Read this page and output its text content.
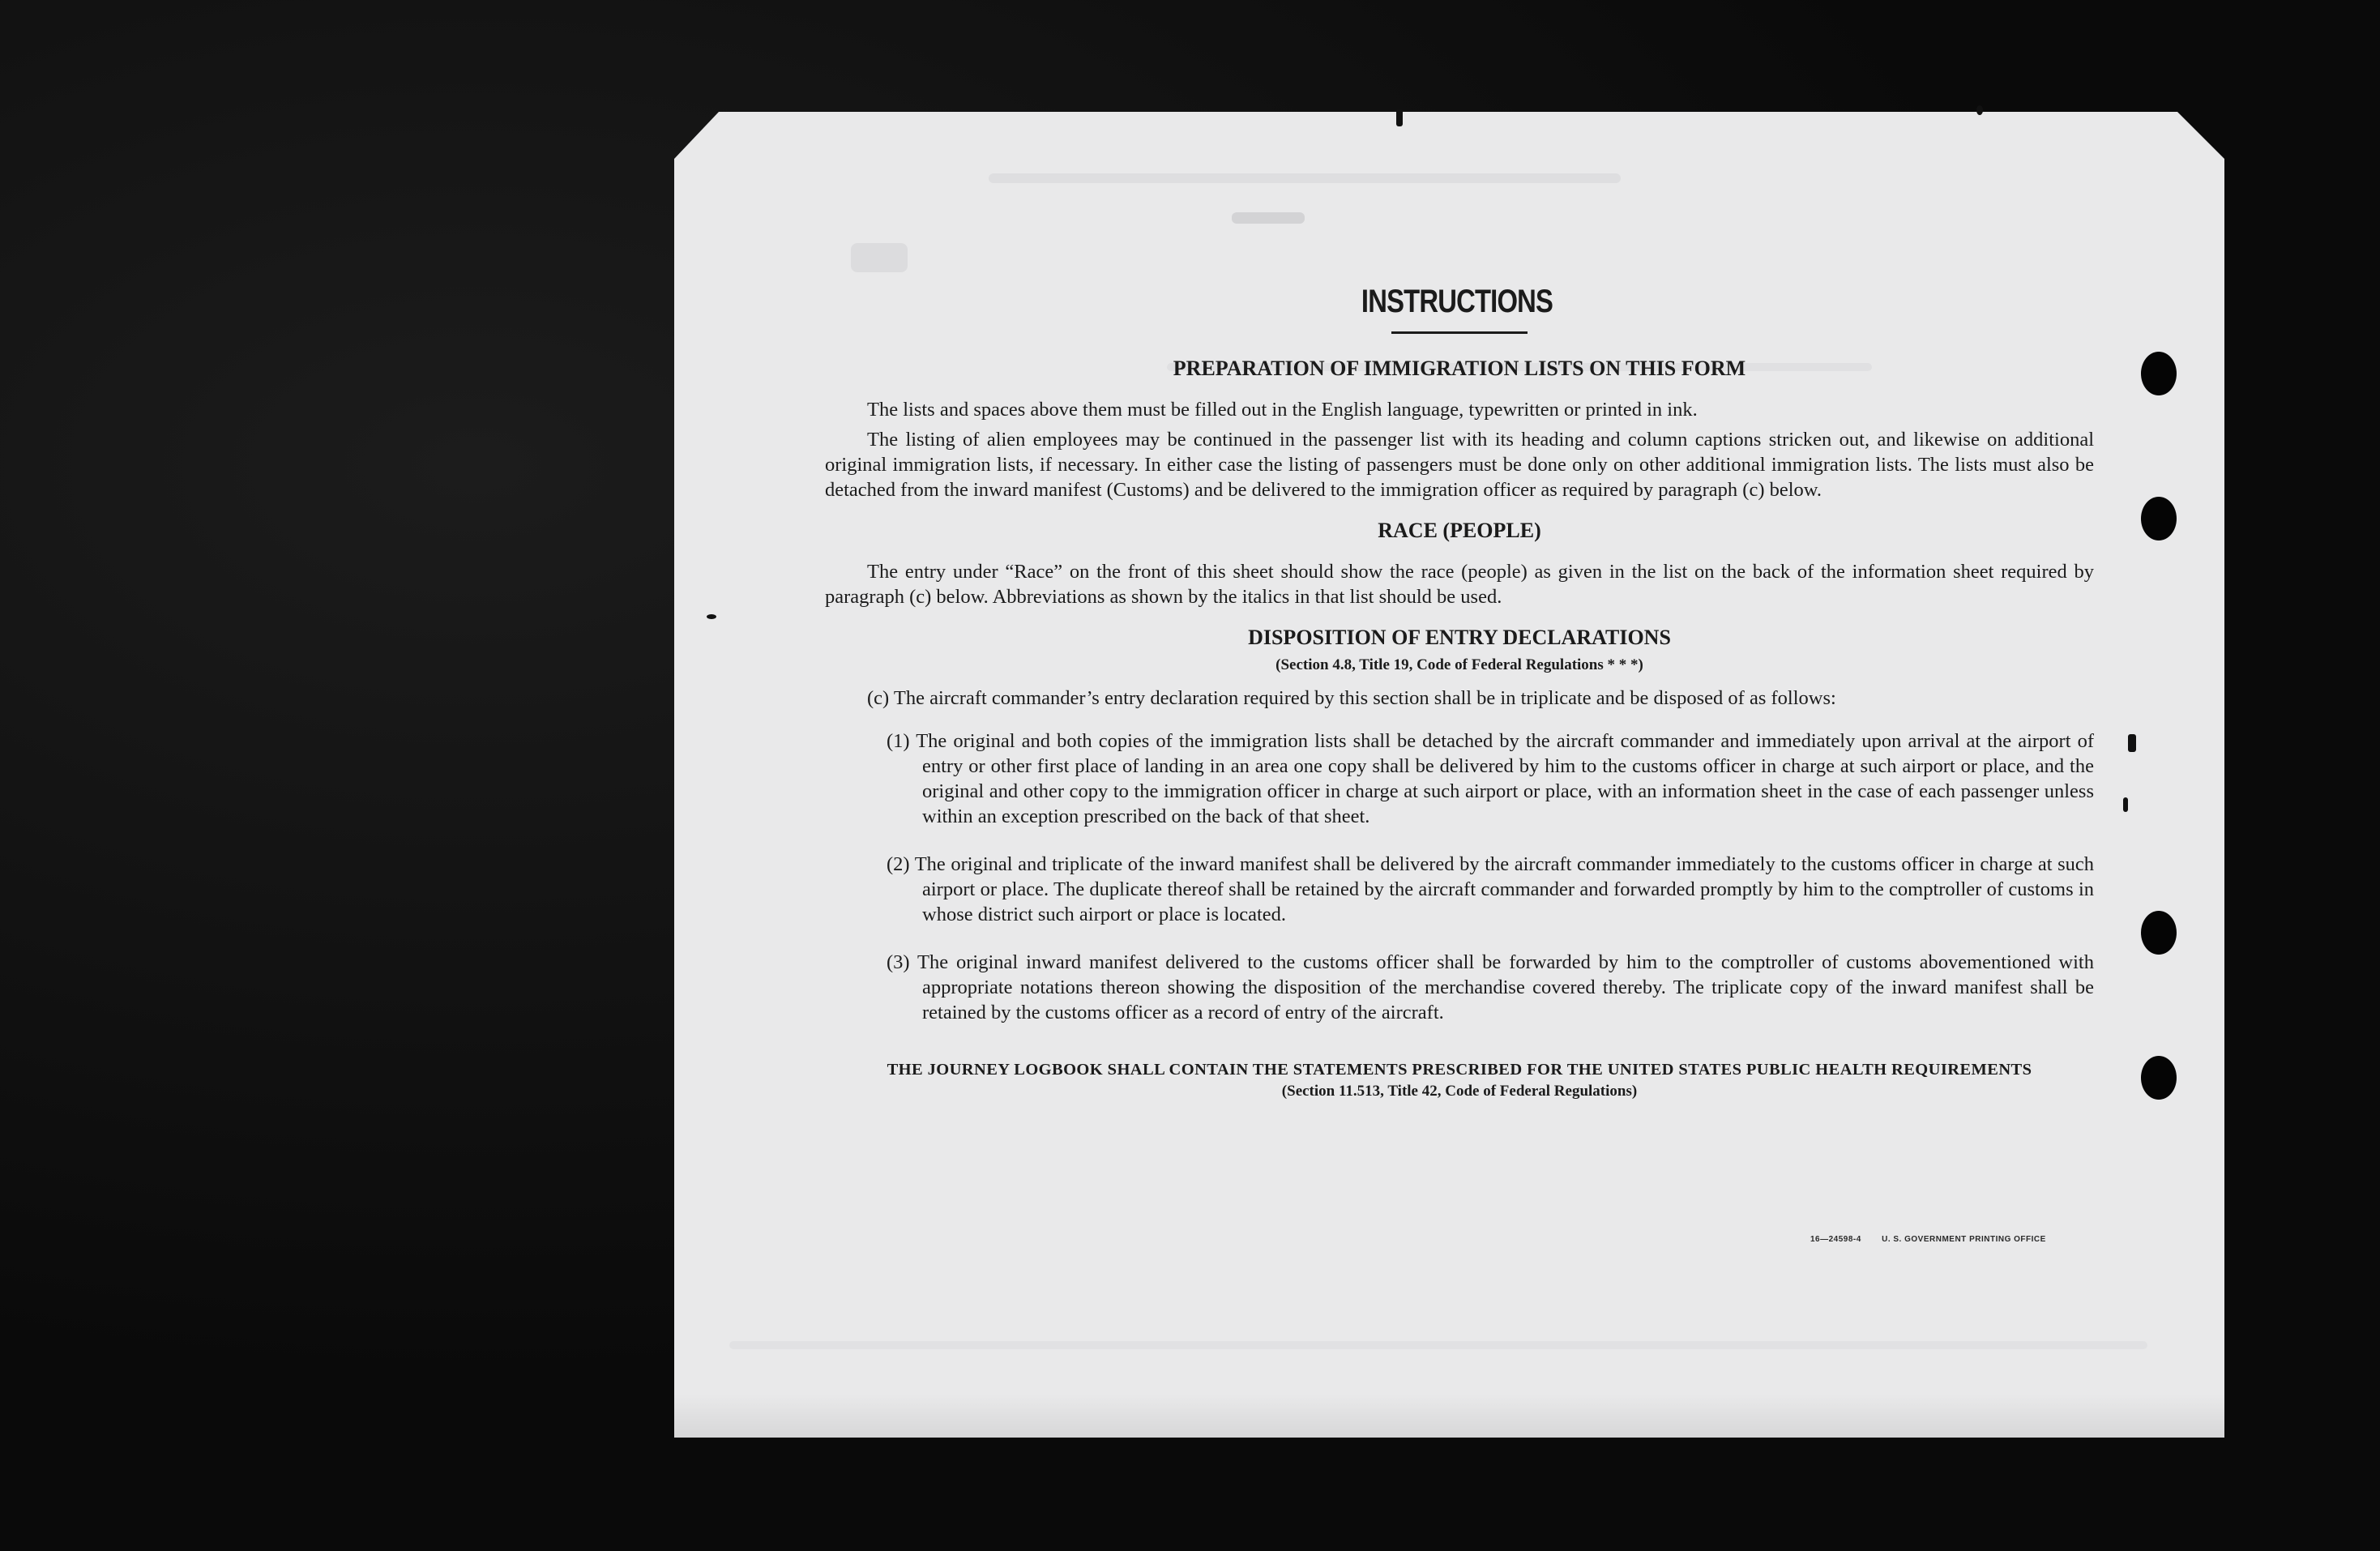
INSTRUCTIONS
PREPARATION OF IMMIGRATION LISTS ON THIS FORM

The lists and spaces above them must be filled out in the English language, typewritten or printed in ink.

The listing of alien employees may be continued in the passenger list with its heading and column captions stricken out, and likewise on additional original immigration lists, if necessary. In either case the listing of passengers must be done only on other additional immigration lists. The lists must also be detached from the inward manifest (Customs) and be delivered to the immigration officer as required by paragraph (c) below.

RACE (PEOPLE)

The entry under “Race” on the front of this sheet should show the race (people) as given in the list on the back of the information sheet required by paragraph (c) below. Abbreviations as shown by the italics in that list should be used.

DISPOSITION OF ENTRY DECLARATIONS
(Section 4.8, Title 19, Code of Federal Regulations * * *)

(c) The aircraft commander’s entry declaration required by this section shall be in triplicate and be disposed of as follows:

(1) The original and both copies of the immigration lists shall be detached by the aircraft commander and immediately upon arrival at the airport of entry or other first place of landing in an area one copy shall be delivered by him to the customs officer in charge at such airport or place, and the original and other copy to the immigration officer in charge at such airport or place, with an information sheet in the case of each passenger unless within an exception prescribed on the back of that sheet.

(2) The original and triplicate of the inward manifest shall be delivered by the aircraft commander immediately to the customs officer in charge at such airport or place. The duplicate thereof shall be retained by the aircraft commander and forwarded promptly by him to the comptroller of customs in whose district such airport or place is located.

(3) The original inward manifest delivered to the customs officer shall be forwarded by him to the comptroller of customs abovementioned with appropriate notations thereon showing the disposition of the merchandise covered thereby. The triplicate copy of the inward manifest shall be retained by the customs officer as a record of entry of the aircraft.

THE JOURNEY LOGBOOK SHALL CONTAIN THE STATEMENTS PRESCRIBED FOR THE UNITED STATES PUBLIC HEALTH REQUIREMENTS
(Section 11.513, Title 42, Code of Federal Regulations)
16—24598-4	U. S. GOVERNMENT PRINTING OFFICE
